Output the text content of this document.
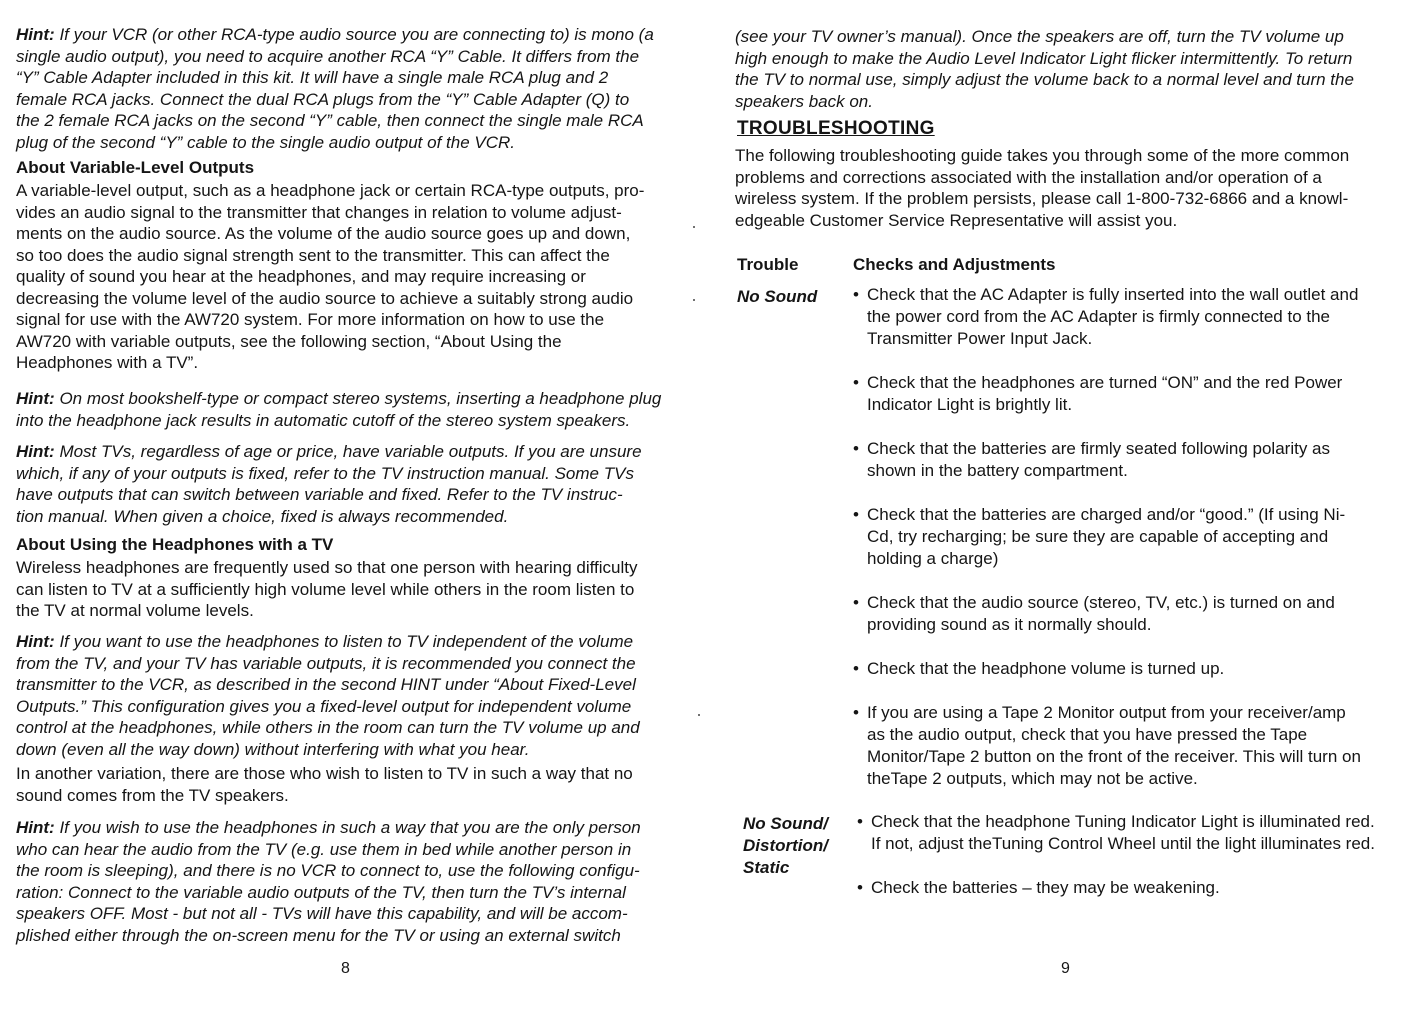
Hint: If your VCR (or other RCA-type audio source you are connecting to) is mono (a
single audio output), you need to acquire another RCA “Y” Cable. It differs from the
“Y” Cable Adapter included in this kit. It will have a single male RCA plug and 2
female RCA jacks. Connect the dual RCA plugs from the “Y” Cable Adapter (Q) to
the 2 female RCA jacks on the second “Y” cable, then connect the single male RCA
plug of the second “Y” cable to the single audio output of the VCR.
About Variable-Level Outputs
A variable-level output, such as a headphone jack or certain RCA-type outputs, pro-
vides an audio signal to the transmitter that changes in relation to volume adjust-
ments on the audio source. As the volume of the audio source goes up and down,
so too does the audio signal strength sent to the transmitter. This can affect the
quality of sound you hear at the headphones, and may require increasing or
decreasing the volume level of the audio source to achieve a suitably strong audio
signal for use with the AW720 system. For more information on how to use the
AW720 with variable outputs, see the following section, “About Using the
Headphones with a TV”.
Hint: On most bookshelf-type or compact stereo systems, inserting a headphone plug
into the headphone jack results in automatic cutoff of the stereo system speakers.
Hint: Most TVs, regardless of age or price, have variable outputs. If you are unsure
which, if any of your outputs is fixed, refer to the TV instruction manual. Some TVs
have outputs that can switch between variable and fixed. Refer to the TV instruc-
tion manual. When given a choice, fixed is always recommended.
About Using the Headphones with a TV
Wireless headphones are frequently used so that one person with hearing difficulty
can listen to TV at a sufficiently high volume level while others in the room listen to
the TV at normal volume levels.
Hint: If you want to use the headphones to listen to TV independent of the volume
from the TV, and your TV has variable outputs, it is recommended you connect the
transmitter to the VCR, as described in the second HINT under “About Fixed-Level
Outputs.” This configuration gives you a fixed-level output for independent volume
control at the headphones, while others in the room can turn the TV volume up and
down (even all the way down) without interfering with what you hear.
In another variation, there are those who wish to listen to TV in such a way that no
sound comes from the TV speakers.
Hint: If you wish to use the headphones in such a way that you are the only person
who can hear the audio from the TV (e.g. use them in bed while another person in
the room is sleeping), and there is no VCR to connect to, use the following configu-
ration: Connect to the variable audio outputs of the TV, then turn the TV’s internal
speakers OFF. Most - but not all - TVs will have this capability, and will be accom-
plished either through the on-screen menu for the TV or using an external switch
8
(see your TV owner’s manual). Once the speakers are off, turn the TV volume up
high enough to make the Audio Level Indicator Light flicker intermittently. To return
the TV to normal use, simply adjust the volume back to a normal level and turn the
speakers back on.
TROUBLESHOOTING
The following troubleshooting guide takes you through some of the more common
problems and corrections associated with the installation and/or operation of a
wireless system. If the problem persists, please call 1-800-732-6866 and a knowl-
edgeable Customer Service Representative will assist you.
Trouble	Checks and Adjustments
No Sound • Check that the AC Adapter is fully inserted into the wall outlet and
the power cord from the AC Adapter is firmly connected to the
Transmitter Power Input Jack.
• Check that the headphones are turned “ON” and the red Power
Indicator Light is brightly lit.
• Check that the batteries are firmly seated following polarity as
shown in the battery compartment.
• Check that the batteries are charged and/or “good.” (If using Ni-
Cd, try recharging; be sure they are capable of accepting and
holding a charge)
• Check that the audio source (stereo, TV, etc.) is turned on and
providing sound as it normally should.
• Check that the headphone volume is turned up.
• If you are using a Tape 2 Monitor output from your receiver/amp
as the audio output, check that you have pressed the Tape
Monitor/Tape 2 button on the front of the receiver. This will turn on
theTape 2 outputs, which may not be active.
No Sound/
Distortion/
Static
• Check that the headphone Tuning Indicator Light is illuminated red.
If not, adjust theTuning Control Wheel until the light illuminates red.
• Check the batteries – they may be weakening.
9
